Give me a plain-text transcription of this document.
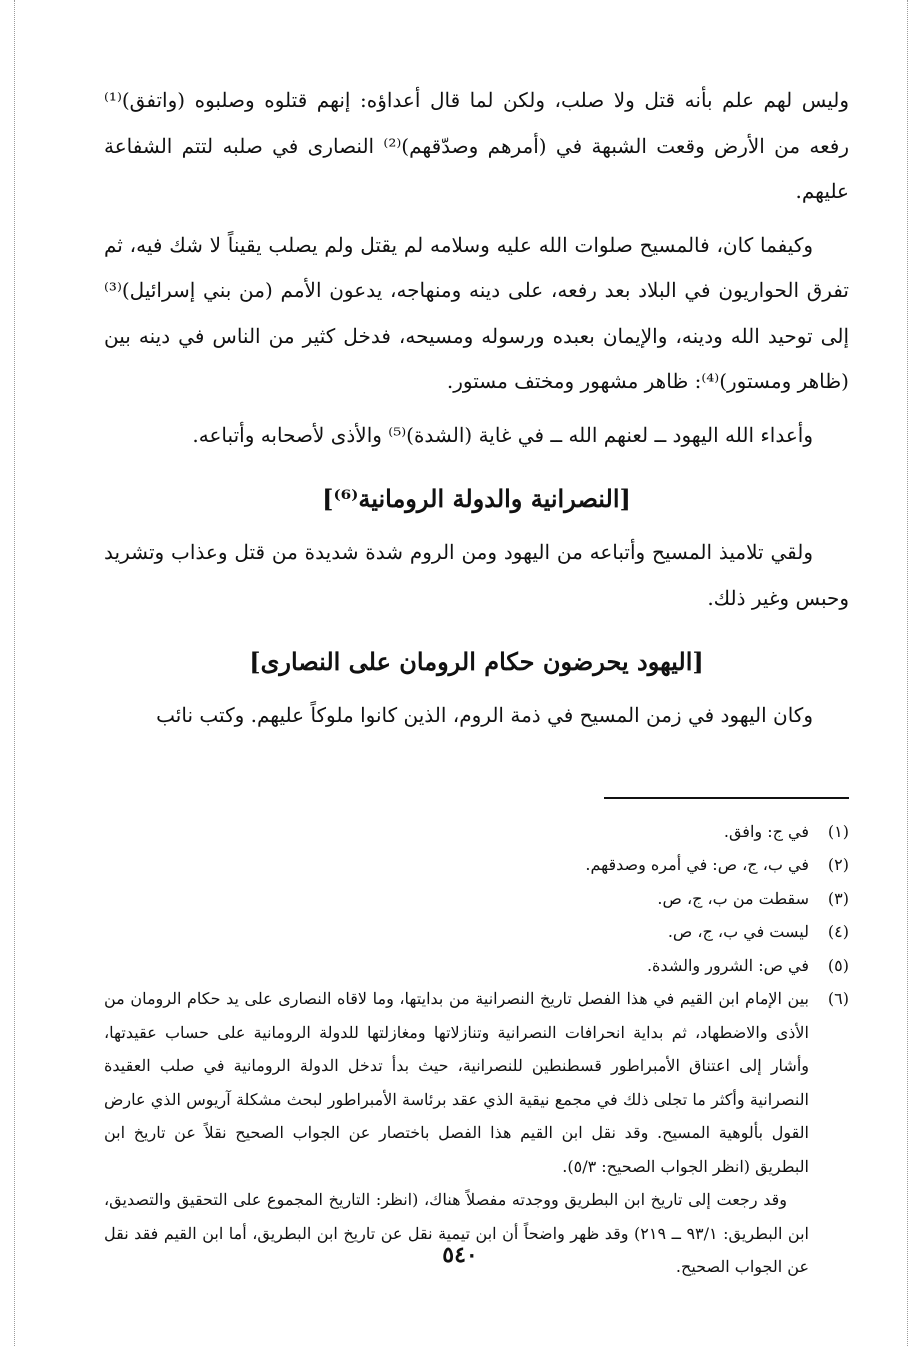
وليس لهم علم بأنه قتل ولا صلب، ولكن لما قال أعداؤه: إنهم قتلوه وصلبوه (واتفق)⁽¹⁾ رفعه من الأرض وقعت الشبهة في (أمرهم وصدّقهم)⁽²⁾ النصارى في صلبه لتتم الشفاعة عليهم.

وكيفما كان، فالمسيح صلوات الله عليه وسلامه لم يقتل ولم يصلب يقيناً لا شك فيه، ثم تفرق الحواريون في البلاد بعد رفعه، على دينه ومنهاجه، يدعون الأمم (من بني إسرائيل)⁽³⁾ إلى توحيد الله ودينه، والإيمان بعبده ورسوله ومسيحه، فدخل كثير من الناس في دينه بين (ظاهر ومستور)⁽⁴⁾: ظاهر مشهور ومختف مستور.

وأعداء الله اليهود ــ لعنهم الله ــ في غاية (الشدة)⁽⁵⁾ والأذى لأصحابه وأتباعه.

[النصرانية والدولة الرومانية⁽⁶⁾]

ولقي تلاميذ المسيح وأتباعه من اليهود ومن الروم شدة شديدة من قتل وعذاب وتشريد وحبس وغير ذلك.

[اليهود يحرضون حكام الرومان على النصارى]

وكان اليهود في زمن المسيح في ذمة الروم، الذين كانوا ملوكاً عليهم. وكتب نائب

(١)
في ج: وافق.
(٢)
في ب، ج، ص: في أمره وصدقهم.
(٣)
سقطت من ب، ج، ص.
(٤)
ليست في ب، ج، ص.
(٥)
في ص: الشرور والشدة.
(٦)
بين الإمام ابن القيم في هذا الفصل تاريخ النصرانية من بدايتها، وما لاقاه النصارى على يد حكام الرومان من الأذى والاضطهاد، ثم بداية انحرافات النصرانية وتنازلاتها ومغازلتها للدولة الرومانية على حساب عقيدتها، وأشار إلى اعتناق الأمبراطور قسطنطين للنصرانية، حيث بدأ تدخل الدولة الرومانية في صلب العقيدة النصرانية وأكثر ما تجلى ذلك في مجمع نيقية الذي عقد برئاسة الأمبراطور لبحث مشكلة آريوس الذي عارض القول بألوهية المسيح. وقد نقل ابن القيم هذا الفصل باختصار عن الجواب الصحيح نقلاً عن تاريخ ابن البطريق (انظر الجواب الصحيح: ٥/٣).

وقد رجعت إلى تاريخ ابن البطريق ووجدته مفصلاً هناك، (انظر: التاريخ المجموع على التحقيق والتصديق، ابن البطريق: ٩٣/١ ــ ٢١٩) وقد ظهر واضحاً أن ابن تيمية نقل عن تاريخ ابن البطريق، أما ابن القيم فقد نقل عن الجواب الصحيح.

٥٤٠
